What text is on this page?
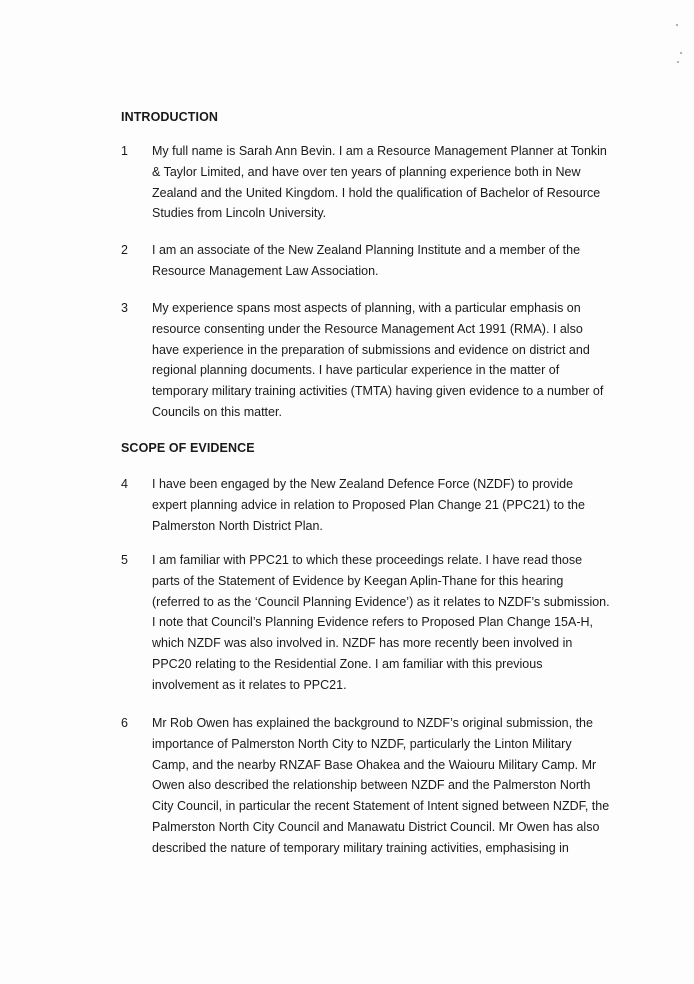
INTRODUCTION
1 My full name is Sarah Ann Bevin. I am a Resource Management Planner at Tonkin & Taylor Limited, and have over ten years of planning experience both in New Zealand and the United Kingdom. I hold the qualification of Bachelor of Resource Studies from Lincoln University.

2 I am an associate of the New Zealand Planning Institute and a member of the Resource Management Law Association.

3 My experience spans most aspects of planning, with a particular emphasis on resource consenting under the Resource Management Act 1991 (RMA). I also have experience in the preparation of submissions and evidence on district and regional planning documents. I have particular experience in the matter of temporary military training activities (TMTA) having given evidence to a number of Councils on this matter.

SCOPE OF EVIDENCE
4 I have been engaged by the New Zealand Defence Force (NZDF) to provide expert planning advice in relation to Proposed Plan Change 21 (PPC21) to the Palmerston North District Plan.

5 I am familiar with PPC21 to which these proceedings relate. I have read those parts of the Statement of Evidence by Keegan Aplin-Thane for this hearing (referred to as the ‘Council Planning Evidence’) as it relates to NZDF’s submission. I note that Council’s Planning Evidence refers to Proposed Plan Change 15A-H, which NZDF was also involved in. NZDF has more recently been involved in PPC20 relating to the Residential Zone. I am familiar with this previous involvement as it relates to PPC21.

6 Mr Rob Owen has explained the background to NZDF’s original submission, the importance of Palmerston North City to NZDF, particularly the Linton Military Camp, and the nearby RNZAF Base Ohakea and the Waiouru Military Camp. Mr Owen also described the relationship between NZDF and the Palmerston North City Council, in particular the recent Statement of Intent signed between NZDF, the Palmerston North City Council and Manawatu District Council. Mr Owen has also described the nature of temporary military training activities, emphasising in
